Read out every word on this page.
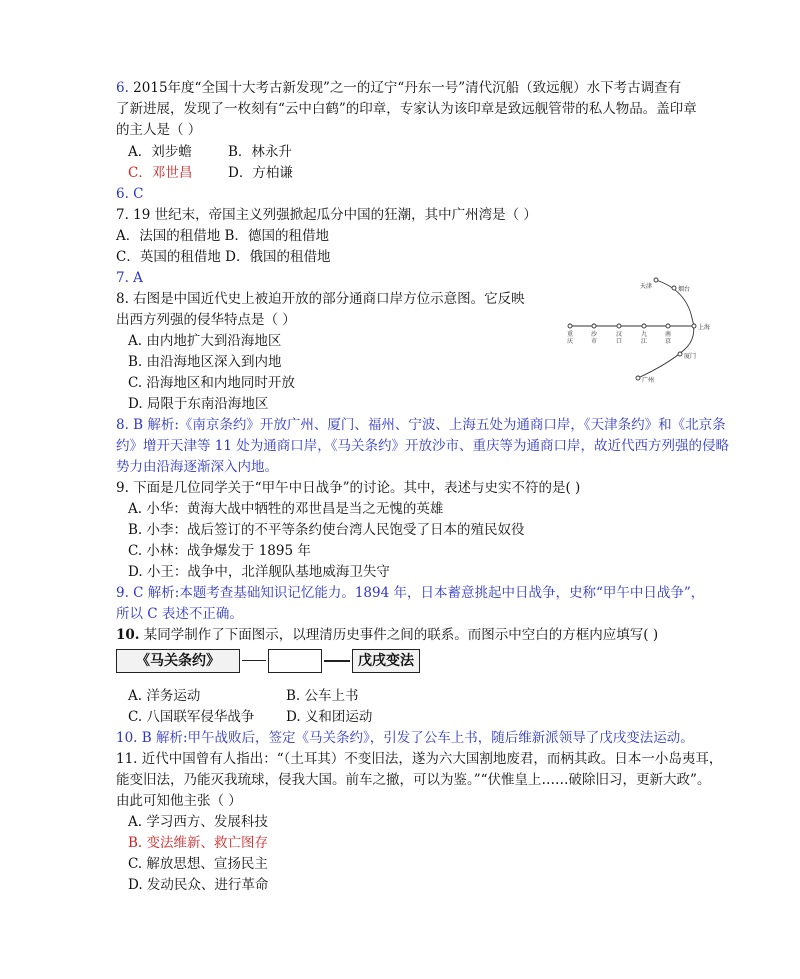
6. 2015年度“全国十大考古新发现”之一的辽宁“丹东一号”清代沉船（致远舰）水下考古调查有
了新进展，发现了一枚刻有“云中白鹤”的印章，专家认为该印章是致远舰管带的私人物品。盖印章
的主人是（ ）
A．刘步蟾	B．林永升
C．邓世昌	D．方柏谦
6. C
7. 19 世纪末，帝国主义列强掀起瓜分中国的狂潮，其中广州湾是（ ）
A．法国的租借地 B．德国的租借地
C．英国的租借地 D．俄国的租借地
7. A
8. 右图是中国近代史上被迫开放的部分通商口岸方位示意图。它反映
出西方列强的侵华特点是（ ）
A. 由内地扩大到沿海地区
B. 由沿海地区深入到内地
C. 沿海地区和内地同时开放
D. 局限于东南沿海地区
8. B 解析:《南京条约》开放广州、厦门、福州、宁波、上海五处为通商口岸，《天津条约》和《北京条
约》增开天津等 11 处为通商口岸，《马关条约》开放沙市、重庆等为通商口岸，故近代西方列强的侵略
势力由沿海逐渐深入内地。
9. 下面是几位同学关于“甲午中日战争”的讨论。其中，表述与史实不符的是( )
A. 小华：黄海大战中牺牲的邓世昌是当之无愧的英雄
B. 小李：战后签订的不平等条约使台湾人民饱受了日本的殖民奴役
C. 小林：战争爆发于 1895 年
D. 小王：战争中，北洋舰队基地威海卫失守
9. C 解析:本题考查基础知识记忆能力。1894 年，日本蓄意挑起中日战争，史称“甲午中日战争”，
所以 C 表述不正确。
10. 某同学制作了下面图示，以理清历史事件之间的联系。而图示中空白的方框内应填写( )
《马关条约》	戊戌变法
A. 洋务运动	B. 公车上书
C. 八国联军侵华战争 D. 义和团运动
10. B 解析:甲午战败后，签定《马关条约》，引发了公车上书，随后维新派领导了戊戌变法运动。
11. 近代中国曾有人指出：“（土耳其）不变旧法，遂为六大国割地废君，而柄其政。日本一小岛夷耳，
能变旧法，乃能灭我琉球，侵我大国。前车之撤，可以为鉴。”“伏惟皇上……破除旧习，更新大政”。
由此可知他主张（ ）
A. 学习西方、发展科技
B. 变法维新、救亡图存
C. 解放思想、宣扬民主
D. 发动民众、进行革命
天津	烟台
上海
厦门
广州
重庆
沙市
汉口
九江
南京
